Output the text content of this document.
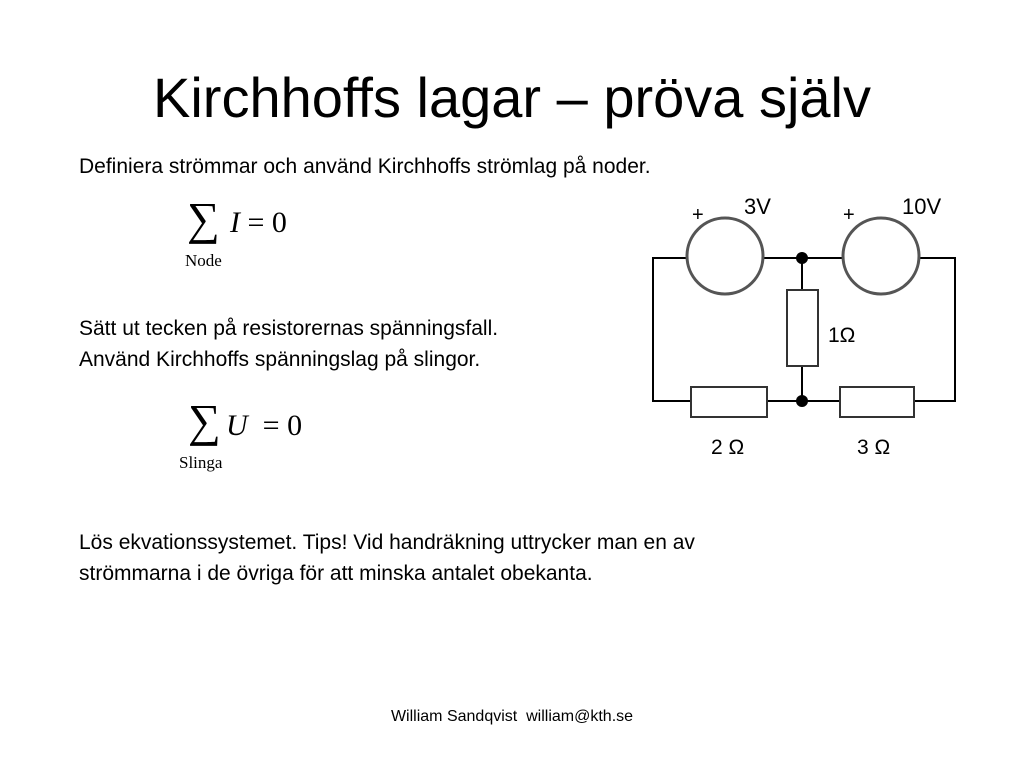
Kirchhoffs lagar – pröva själv
Definiera strömmar och använd Kirchhoffs strömlag på noder.
∑ I = 0
Node
Sätt ut tecken på resistorernas spänningsfall.
Använd Kirchhoffs spänningslag på slingor.
∑ U  = 0
Slinga
Lös ekvationssystemet. Tips! Vid handräkning uttrycker man en av
strömmarna i de övriga för att minska antalet obekanta.
+ 3V	+ 10V
1Ω
2 Ω	3 Ω
William Sandqvist  william@kth.se
